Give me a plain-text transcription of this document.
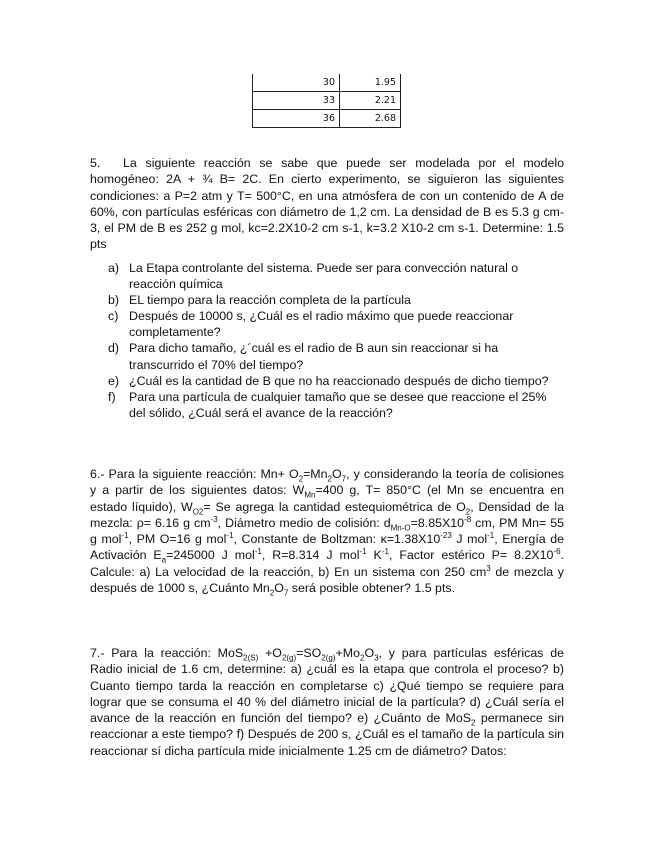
30	1.95
33	2.21
36	2.68

5. La siguiente reacción se sabe que puede ser modelada por el modelo homogéneo: 2A + ¾ B= 2C. En cierto experimento, se siguieron las siguientes condiciones: a P=2 atm y T= 500°C, en una atmósfera de con un contenido de A de 60%, con partículas esféricas con diámetro de 1,2 cm. La densidad de B es 5.3 g cm-3, el PM de B es 252 g mol, kc=2.2X10-2 cm s-1, k=3.2 X10-2 cm s-1. Determine: 1.5 pts

a) La Etapa controlante del sistema. Puede ser para convección natural o reacción química
b) EL tiempo para la reacción completa de la partícula
c) Después de 10000 s, ¿Cuál es el radio máximo que puede reaccionar completamente?
d) Para dicho tamaño, ¿´cuál es el radio de B aun sin reaccionar si ha transcurrido el 70% del tiempo?
e) ¿Cuál es la cantidad de B que no ha reaccionado después de dicho tiempo?
f) Para una partícula de cualquier tamaño que se desee que reaccione el 25% del sólido, ¿Cuál será el avance de la reacción?

6.- Para la siguiente reacción: $Mn+ O_2=Mn_2O_7$, y considerando la teoría de colisiones y a partir de los siguientes datos: $W_{Mn}=400$ g, T= 850°C (el Mn se encuentra en estado líquido), $W_{O2}= Se$ agrega la cantidad estequiométrica de $O_2$, Densidad de la mezcla: ρ= 6.16 g $cm^{-3}$, Diámetro medio de colisión: $d_{Mn-O}=8.85X10^{-8}$ cm, PM Mn= 55 g mol$^{-1}$, PM O=16 g mol$^{-1}$, Constante de Boltzman: $\kappa=1.38X10^{-23}$ J mol$^{-1}$, Energía de Activación $E_a=245000$ J mol$^{-1}$, R=8.314 J mol$^{-1}$ $K^{-1}$, Factor estérico $P= 8.2X10^{-6}$. Calcule: a) La velocidad de la reacción, b) En un sistema con 250 $cm^3$ de mezcla y después de 1000 s, ¿Cuánto $Mn_2O_7$ será posible obtener? 1.5 pts.

7.- Para la reacción: $MoS_{2(S)} +O_{2(g)}=SO_{2(g)}+Mo_2O_3$, y para partículas esféricas de Radio inicial de 1.6 cm, determine: a) ¿cuál es la etapa que controla el proceso? b) Cuanto tiempo tarda la reacción en completarse c) ¿Qué tiempo se requiere para lograr que se consuma el 40 % del diámetro inicial de la partícula? d) ¿Cuál sería el avance de la reacción en función del tiempo? e) ¿Cuánto de MoS$_2$ permanece sin reaccionar a este tiempo? f) Después de 200 s, ¿Cuál es el tamaño de la partícula sin reaccionar sí dicha partícula mide inicialmente 1.25 cm de diámetro? Datos:
